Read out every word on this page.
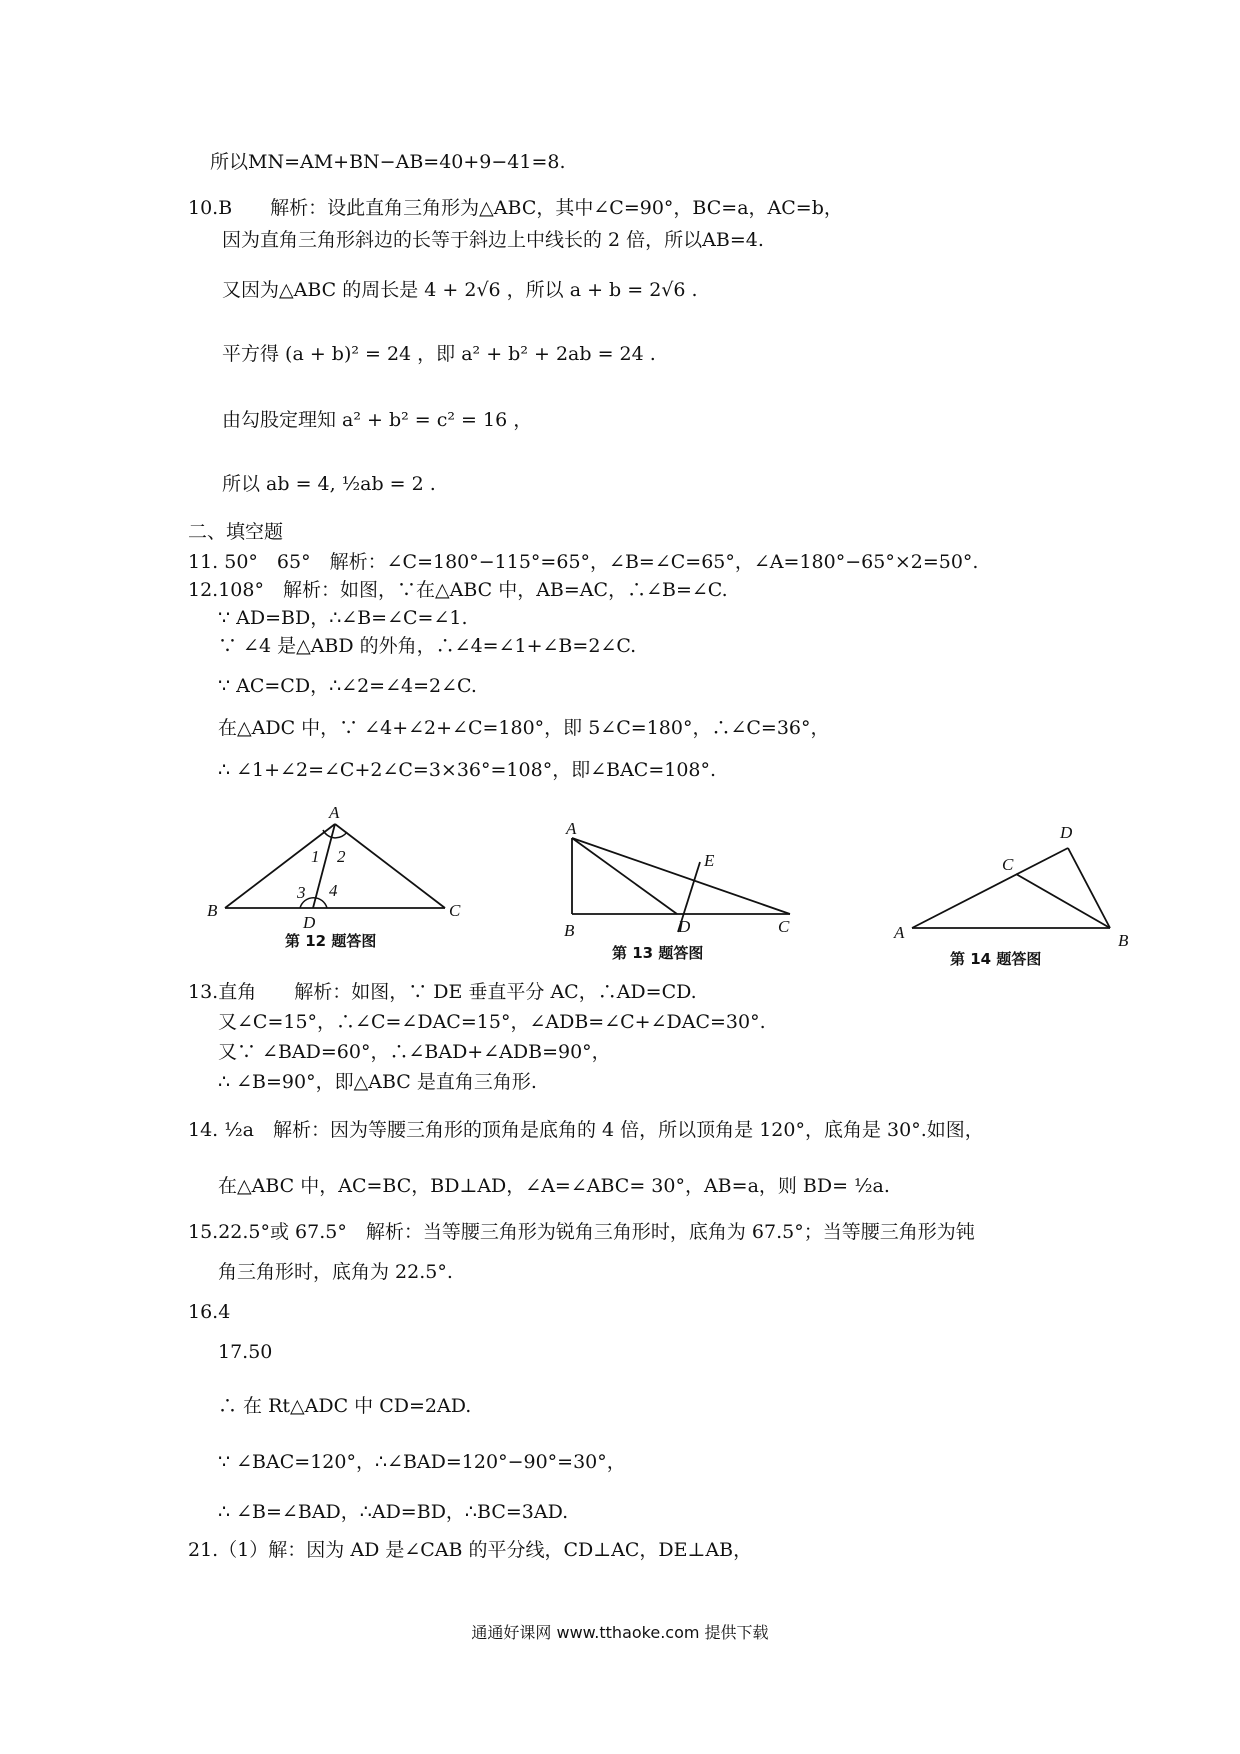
所以MN=AM+BN−AB=40+9−41=8.
10.B　　解析：设此直角三角形为△ABC，其中∠C=90°，BC=a，AC=b，
因为直角三角形斜边的长等于斜边上中线长的 2 倍，所以AB=4.
又因为△ABC 的周长是 4 + 2√6 ，所以 a + b = 2√6 .
平方得 (a + b)² = 24 ，即 a² + b² + 2ab = 24 .
由勾股定理知 a² + b² = c² = 16 ，
所以 ab = 4, ½ab = 2 .
二、填空题
11. 50°　65°　解析：∠C=180°−115°=65°，∠B=∠C=65°，∠A=180°−65°×2=50°.
12.108°　解析：如图，∵在△ABC 中，AB=AC，∴∠B=∠C.
∵ AD=BD，∴∠B=∠C=∠1.
∵ ∠4 是△ABD 的外角，∴∠4=∠1+∠B=2∠C.
∵ AC=CD，∴∠2=∠4=2∠C.
在△ADC 中，∵ ∠4+∠2+∠C=180°，即 5∠C=180°，∴∠C=36°，
∴ ∠1+∠2=∠C+2∠C=3×36°=108°，即∠BAC=108°.
A
B	C
D
1 2
3 4
第 12 题答图
A
B	C
D
E
第 13 题答图
A	B
C
D
第 14 题答图
13.直角　　解析：如图，∵ DE 垂直平分 AC，∴AD=CD.
又∠C=15°，∴∠C=∠DAC=15°，∠ADB=∠C+∠DAC=30°.
又∵ ∠BAD=60°，∴∠BAD+∠ADB=90°，
∴ ∠B=90°，即△ABC 是直角三角形.
14. ½a　解析：因为等腰三角形的顶角是底角的 4 倍，所以顶角是 120°，底角是 30°.如图，
在△ABC 中，AC=BC，BD⊥AD，∠A=∠ABC= 30°，AB=a，则 BD= ½a.
15.22.5°或 67.5°　解析：当等腰三角形为锐角三角形时，底角为 67.5°；当等腰三角形为钝
角三角形时，底角为 22.5°.
16.4
17.50
∴ 在 Rt△ADC 中 CD=2AD.
∵ ∠BAC=120°，∴∠BAD=120°−90°=30°，
∴ ∠B=∠BAD，∴AD=BD，∴BC=3AD.
21.（1）解：因为 AD 是∠CAB 的平分线，CD⊥AC，DE⊥AB，
通通好课网 www.tthaoke.com 提供下载
